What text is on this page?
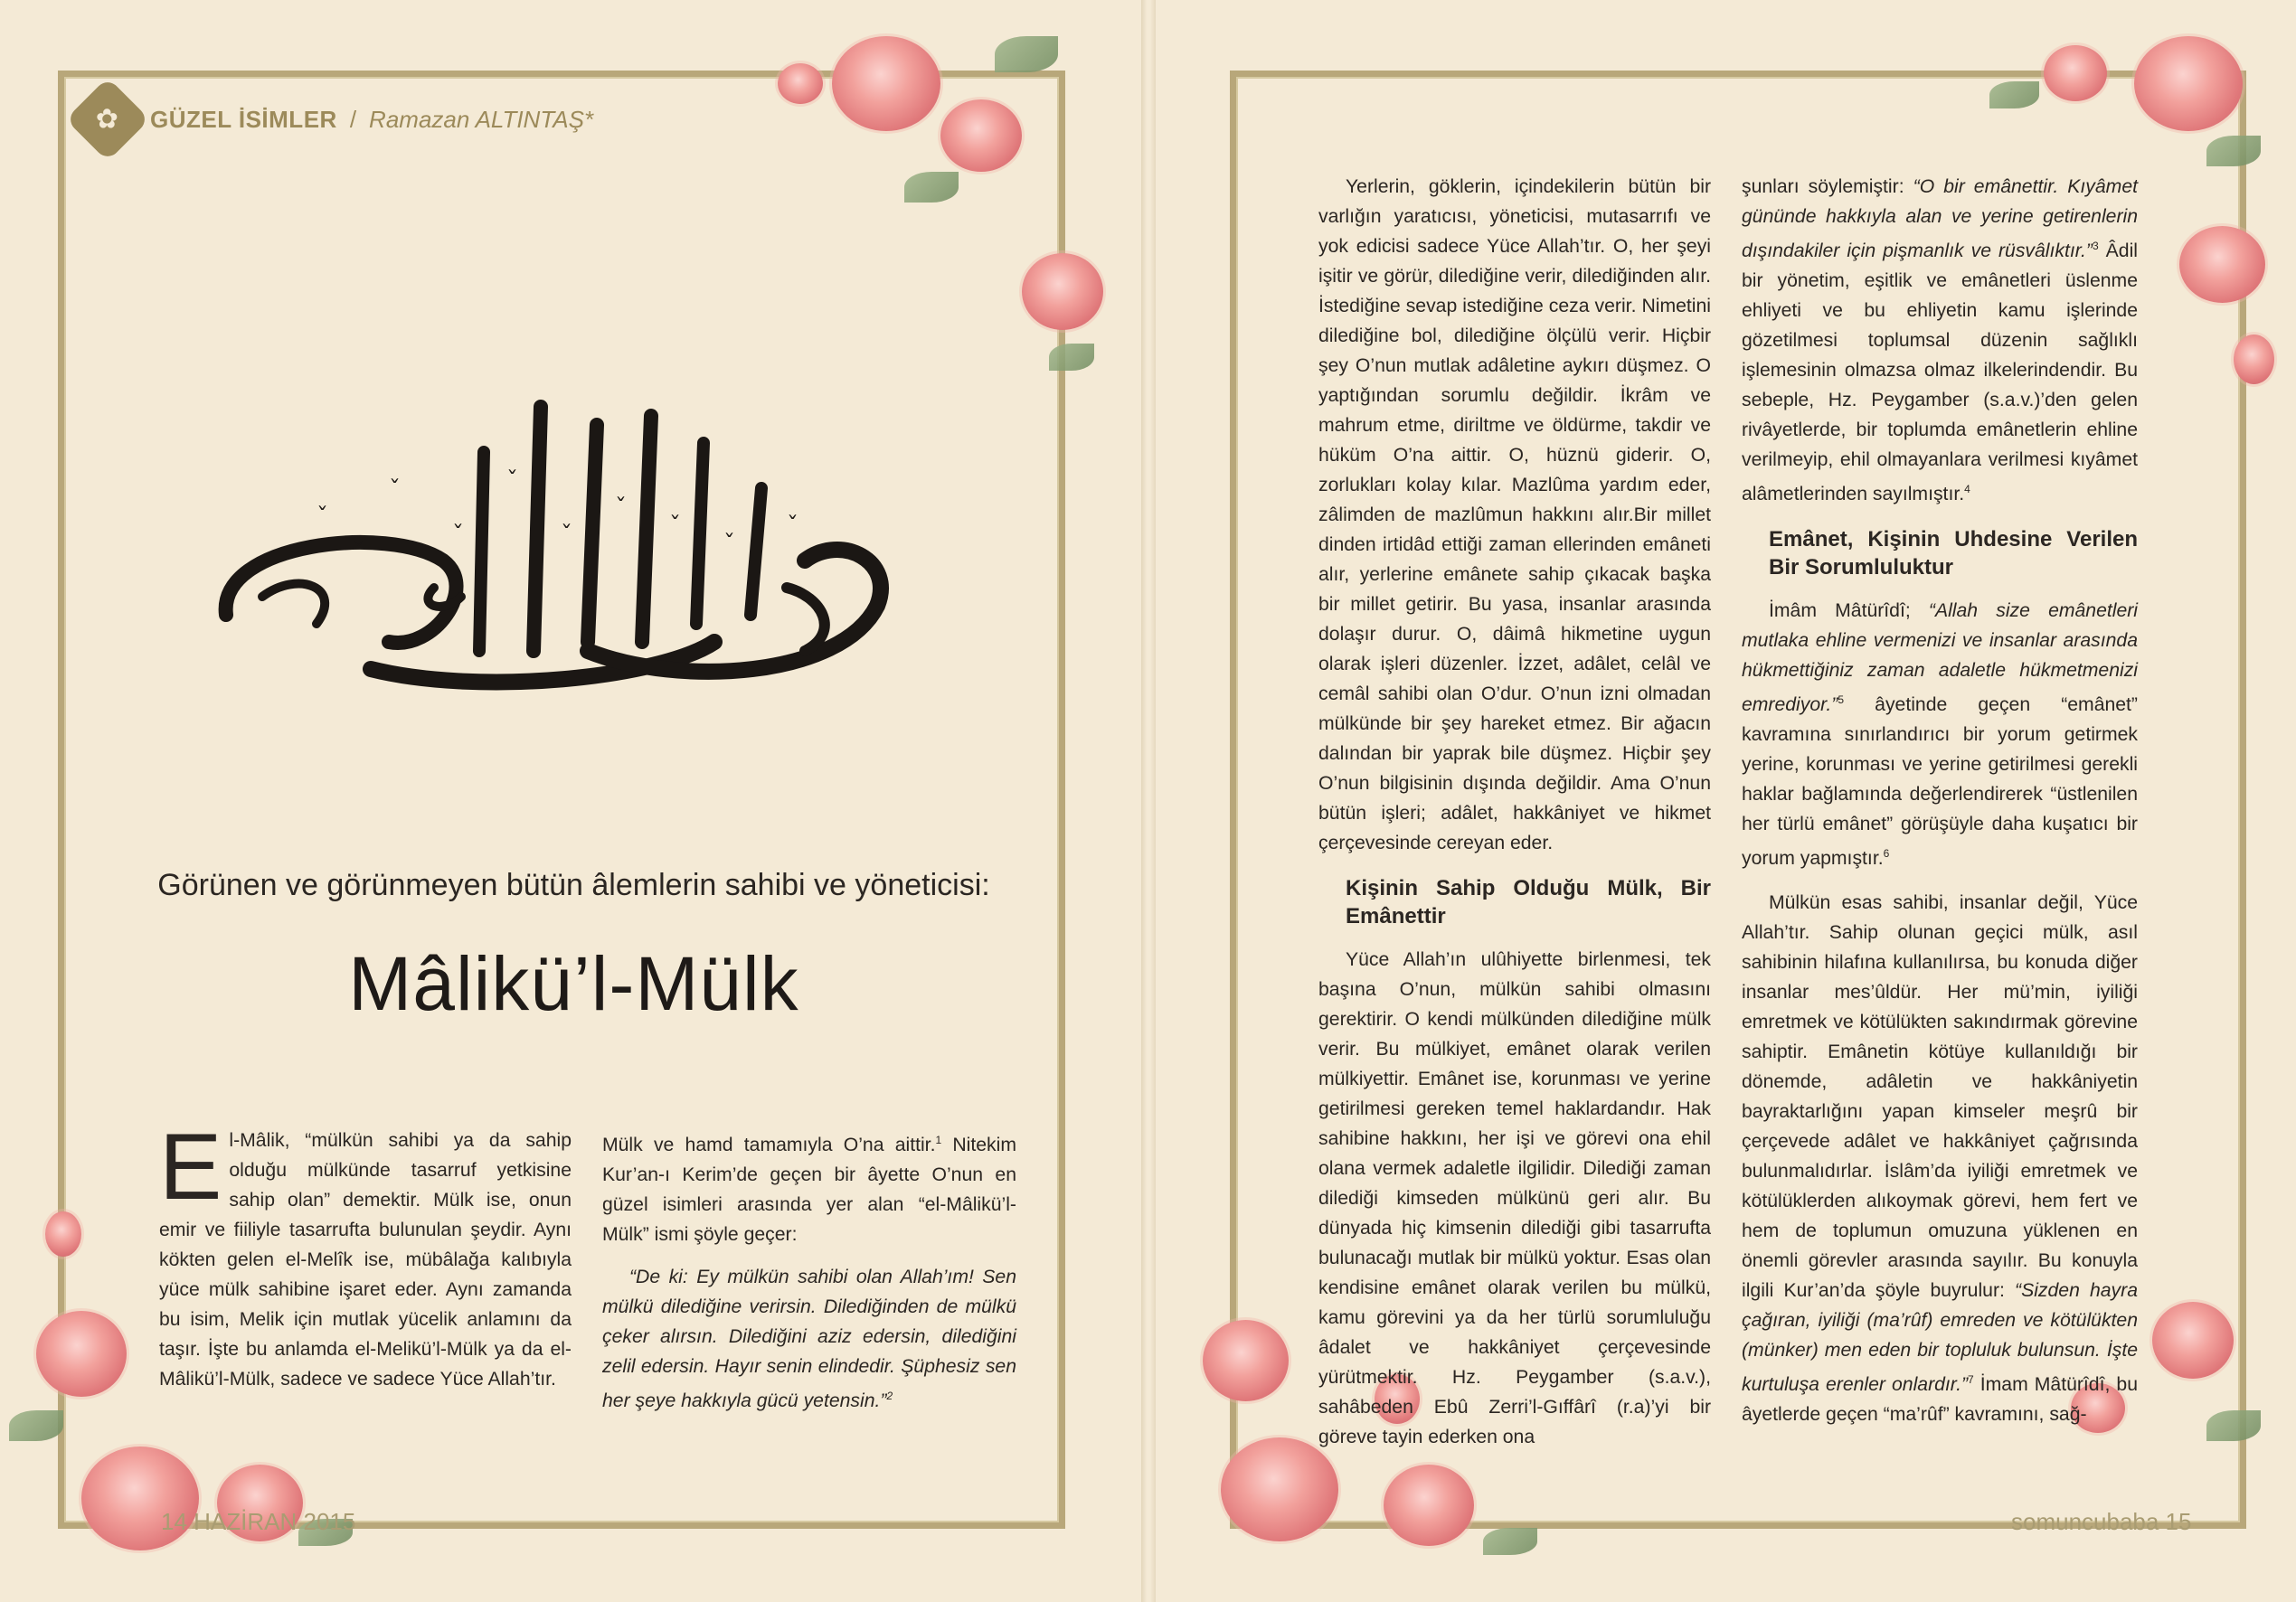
✿ GÜZEL İSİMLER / Ramazan ALTINTAŞ*
ˇ
ˇ	ˇ
ˇ
ˇ
ˇ
ˇ
ˇ ˇ
ˇ	ˇ
Görünen ve görünmeyen bütün âlemlerin sahibi ve yöneticisi:
Mâlikü’l-Mülk

El-Mâlik, “mülkün sahibi ya da sahip olduğu mülkünde tasarruf yetkisine sahip olan” demektir. Mülk ise, onun emir ve fiiliyle tasarrufta bulunulan şeydir. Aynı kökten gelen el-Melîk ise, mübâlağa kalıbıyla yüce mülk sahibine işaret eder. Aynı zamanda bu isim, Melik için mutlak yücelik anlamını da taşır. İşte bu anlamda el-Melikü’l-Mülk ya da el-Mâlikü’l-Mülk, sadece ve sadece Yüce Allah’tır.

Mülk ve hamd tamamıyla O’na aittir.$^1$ Nitekim Kur’an-ı Kerim’de geçen bir âyette O’nun en güzel isimleri arasında yer alan “el-Mâlikü’l-Mülk” ismi şöyle geçer:

“De ki: Ey mülkün sahibi olan Allah’ım! Sen mülkü dilediğine verirsin. Dilediğinden de mülkü çeker alırsın. Dilediğini aziz edersin, dilediğini zelil edersin. Hayır senin elindedir. Şüphesiz sen her şeye hakkıyla gücü yetensin.”$^2$

Yerlerin, göklerin, içindekilerin bütün bir varlığın yaratıcısı, yöneticisi, mutasarrıfı ve yok edicisi sadece Yüce Allah’tır. O, her şeyi işitir ve görür, dilediğine verir, dilediğinden alır. İstediğine sevap istediğine ceza verir. Nimetini dilediğine bol, dilediğine ölçülü verir. Hiçbir şey O’nun mutlak adâletine aykırı düşmez. O yaptığından sorumlu değildir. İkrâm ve mahrum etme, diriltme ve öldürme, takdir ve hüküm O’na aittir. O, hüznü giderir. O, zorlukları kolay kılar. Mazlûma yardım eder, zâlimden de mazlûmun hakkını alır.Bir millet dinden irtidâd ettiği zaman ellerinden emâneti alır, yerlerine emânete sahip çıkacak başka bir millet getirir. Bu yasa, insanlar arasında dolaşır durur. O, dâimâ hikmetine uygun olarak işleri düzenler. İzzet, adâlet, celâl ve cemâl sahibi olan O’dur. O’nun izni olmadan mülkünde bir şey hareket etmez. Bir ağacın dalından bir yaprak bile düşmez. Hiçbir şey O’nun bilgisinin dışında değildir. Ama O’nun bütün işleri; adâlet, hakkâniyet ve hikmet çerçevesinde cereyan eder.

Kişinin Sahip Olduğu Mülk, Bir Emânettir

Yüce Allah’ın ulûhiyette birlenmesi, tek başına O’nun, mülkün sahibi olmasını gerektirir. O kendi mülkünden dilediğine mülk verir. Bu mülkiyet, emânet olarak verilen mülkiyettir. Emânet ise, korunması ve yerine getirilmesi gereken temel haklardandır. Hak sahibine hakkını, her işi ve görevi ona ehil olana vermek adaletle ilgilidir. Dilediği zaman dilediği kimseden mülkünü geri alır. Bu dünyada hiç kimsenin dilediği gibi tasarrufta bulunacağı mutlak bir mülkü yoktur. Esas olan kendisine emânet olarak verilen bu mülkü, kamu görevini ya da her türlü sorumluluğu âdalet ve hakkâniyet çerçevesinde yürütmektir. Hz. Peygamber (s.a.v.), sahâbeden Ebû Zerri’l-Gıffârî (r.a)’yi bir göreve tayin ederken ona

şunları söylemiştir: “O bir emânettir. Kıyâmet gününde hakkıyla alan ve yerine getirenlerin dışındakiler için pişmanlık ve rüsvâlıktır.”$^3$ Âdil bir yönetim, eşitlik ve emânetleri üslenme ehliyeti ve bu ehliyetin kamu işlerinde gözetilmesi toplumsal düzenin sağlıklı işlemesinin olmazsa olmaz ilkelerindendir. Bu sebeple, Hz. Peygamber (s.a.v.)’den gelen rivâyetlerde, bir toplumda emânetlerin ehline verilmeyip, ehil olmayanlara verilmesi kıyâmet alâmetlerinden sayılmıştır.$^4$

Emânet, Kişinin Uhdesine Verilen Bir Sorumluluktur

İmâm Mâtürîdî; “Allah size emânetleri mutlaka ehline vermenizi ve insanlar arasında hükmettiğiniz zaman adaletle hükmetmenizi emrediyor.”$^5$ âyetinde geçen “emânet” kavramına sınırlandırıcı bir yorum getirmek yerine, korunması ve yerine getirilmesi gerekli haklar bağlamında değerlendirerek “üstlenilen her türlü emânet” görüşüyle daha kuşatıcı bir yorum yapmıştır.$^6$

Mülkün esas sahibi, insanlar değil, Yüce Allah’tır. Sahip olunan geçici mülk, asıl sahibinin hilafına kullanılırsa, bu konuda diğer insanlar mes’ûldür. Her mü’min, iyiliği emretmek ve kötülükten sakındırmak görevine sahiptir. Emânetin kötüye kullanıldığı bir dönemde, adâletin ve hakkâniyetin bayraktarlığını yapan kimseler meşrû bir çerçevede adâlet ve hakkâniyet çağrısında bulunmalıdırlar. İslâm’da iyiliği emretmek ve kötülüklerden alıkoymak görevi, hem fert ve hem de toplumun omuzuna yüklenen en önemli görevler arasında sayılır. Bu konuyla ilgili Kur’an’da şöyle buyrulur: “Sizden hayra çağıran, iyiliği (ma’rûf) emreden ve kötülükten (münker) men eden bir topluluk bulunsun. İşte kurtuluşa erenler onlardır.”$^7$ İmam Mâtürîdî, bu âyetlerde geçen “ma’rûf” kavramını, sağ-

14 HAZİRAN 2015	somuncubaba 15
